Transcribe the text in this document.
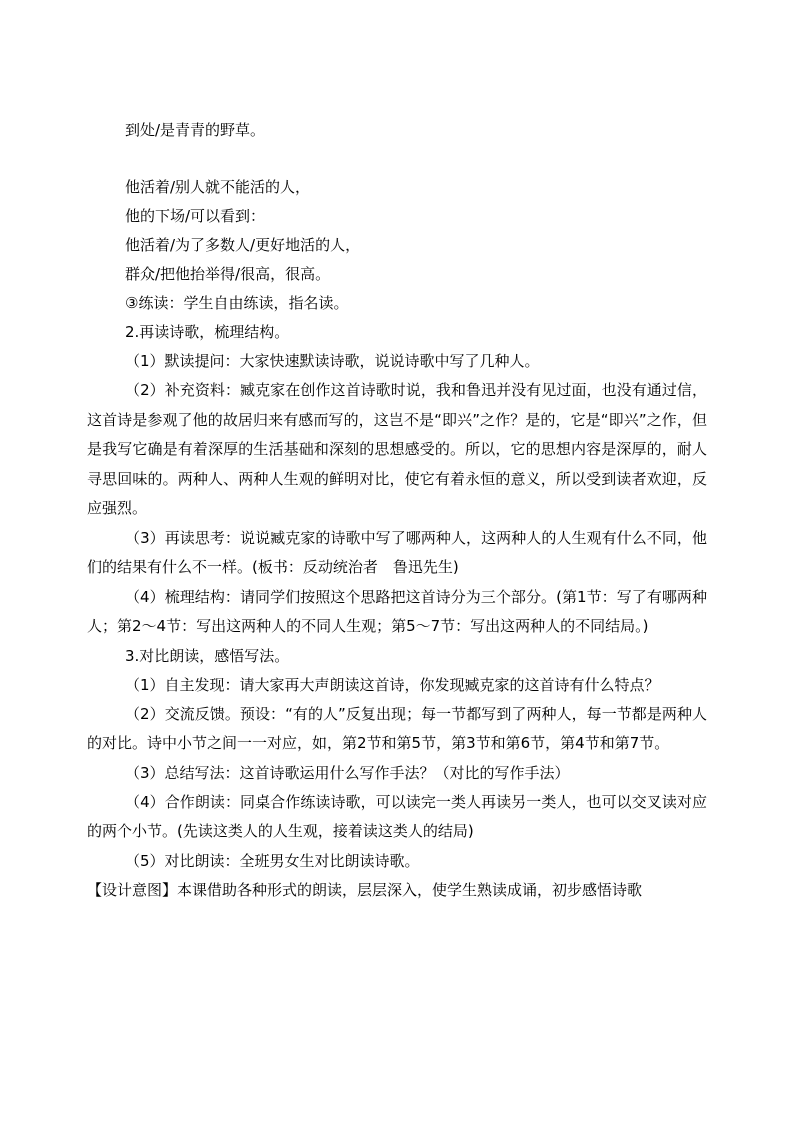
到处/是青青的野草。
他活着/别人就不能活的人，
他的下场/可以看到：
他活着/为了多数人/更好地活的人，
群众/把他抬举得/很高，很高。
③练读：学生自由练读，指名读。
2.再读诗歌，梳理结构。
（1）默读提问：大家快速默读诗歌，说说诗歌中写了几种人。

（2）补充资料：臧克家在创作这首诗歌时说，我和鲁迅并没有见过面，也没有通过信，这首诗是参观了他的故居归来有感而写的，这岂不是“即兴”之作？是的，它是“即兴”之作，但是我写它确是有着深厚的生活基础和深刻的思想感受的。所以，它的思想内容是深厚的，耐人寻思回味的。两种人、两种人生观的鲜明对比，使它有着永恒的意义，所以受到读者欢迎，反应强烈。

（3）再读思考：说说臧克家的诗歌中写了哪两种人，这两种人的人生观有什么不同，他们的结果有什么不一样。(板书：反动统治者　鲁迅先生)

（4）梳理结构：请同学们按照这个思路把这首诗分为三个部分。(第1节：写了有哪两种人；第2～4节：写出这两种人的不同人生观；第5～7节：写出这两种人的不同结局。)

3.对比朗读，感悟写法。
（1）自主发现：请大家再大声朗读这首诗，你发现臧克家的这首诗有什么特点？

（2）交流反馈。预设：“有的人”反复出现；每一节都写到了两种人，每一节都是两种人的对比。诗中小节之间一一对应，如，第2节和第5节，第3节和第6节，第4节和第7节。

（3）总结写法：这首诗歌运用什么写作手法？（对比的写作手法）

（4）合作朗读：同桌合作练读诗歌，可以读完一类人再读另一类人，也可以交叉读对应的两个小节。(先读这类人的人生观，接着读这类人的结局)

（5）对比朗读：全班男女生对比朗读诗歌。
【设计意图】本课借助各种形式的朗读，层层深入，使学生熟读成诵，初步感悟诗歌
